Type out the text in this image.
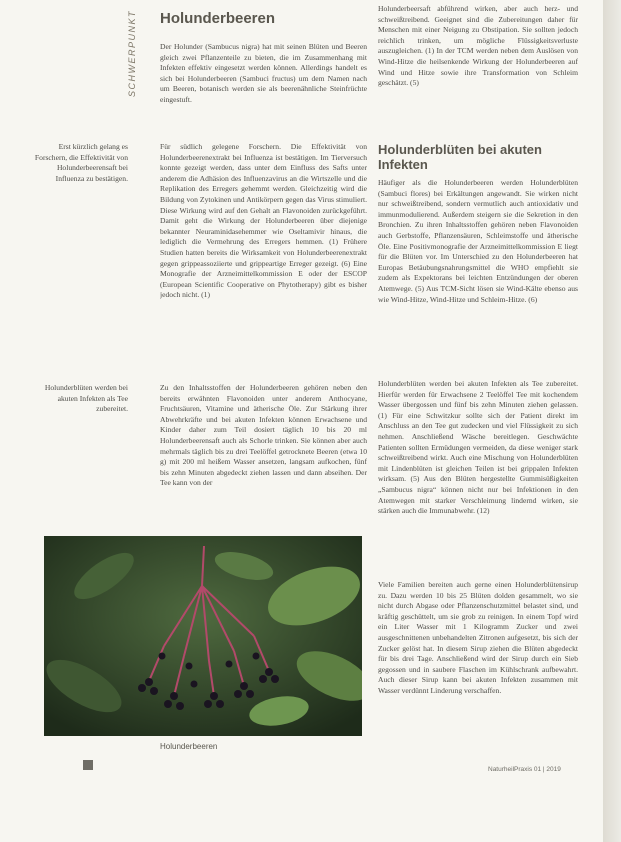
SCHWERPUNKT Holunderbeeren
Der Holunder (Sambucus nigra) hat mit seinen Blüten und Beeren gleich zwei Pflanzenteile zu bieten, die im Zusammenhang mit Infekten effektiv eingesetzt werden können. Allerdings handelt es sich bei Holunderbeeren (Sambuci fructus) um dem Namen nach um Beeren, botanisch werden sie als beerenähnliche Steinfrüchte eingestuft.
Für südlich gelegene Forschern. Die Effektivität von Holunderbeerenextrakt bei Influenza ist bestätigen. Im Tierversuch konnte gezeigt werden, dass unter dem Einfluss des Safts unter anderem die Adhäsion des Influenzavirus an die Wirtszelle und die Replikation des Erregers gehemmt werden. Gleichzeitig wird die Bildung von Zytokinen und Antikörpern gegen das Virus stimuliert. Diese Wirkung wird auf den Gehalt an Flavonoiden zurückgeführt. Damit geht die Wirkung der Holunderbeeren über diejenige bekannter Neuraminidasehemmer wie Oseltamivir hinaus, die lediglich die Vermehrung des Erregers hemmen. (1) Frühere Studien hatten bereits die Wirksamkeit von Holunderbeerenextrakt gegen grippeassoziierte und grippeartige Erreger gezeigt. (6) Eine Monografie der Arzneimittelkommission E oder der ESCOP (European Scientific Cooperative on Phytotherapy) gibt es bisher jedoch nicht. (1)
Zu den Inhaltsstoffen der Holunderbeeren gehören neben den bereits erwähnten Flavonoiden unter anderem Anthocyane, Fruchtsäuren, Vitamine und ätherische Öle. Zur Stärkung ihrer Abwehrkräfte und bei akuten Infekten können Erwachsene und Kinder daher zum Teil dosiert täglich 10 bis 20 ml Holunderbeerensaft auch als Schorle trinken. Sie können aber auch mehrmals täglich bis zu drei Teelöffel getrocknete Beeren (etwa 10 g) mit 200 ml heißem Wasser ansetzen, langsam aufkochen, fünf bis zehn Minuten abgedeckt ziehen lassen und dann abseihen. Der Tee kann von der
Erst kürzlich gelang es Forschern, die Effektivität von Holunderbeerensaft bei Influenza zu bestätigen.
Holunderblüten werden bei akuten Infekten als Tee zubereitet.
Holunderbeersaft abführend wirken, aber auch herz- und schweißtreibend. Geeignet sind die Zubereitungen daher für Menschen mit einer Neigung zu Obstipation. Sie sollten jedoch reichlich trinken, um mögliche Flüssigkeitsverluste auszugleichen. (1) In der TCM werden neben dem Auslösen von Wind-Hitze die heilsenkende Wirkung der Holunderbeeren auf Wind und Hitze sowie ihre Transformation von Schleim geschätzt. (5)
Holunderblüten bei akuten Infekten
Häufiger als die Holunderbeeren werden Holunderblüten (Sambuci flores) bei Erkältungen angewandt. Sie wirken nicht nur schweißtreibend, sondern vermutlich auch antioxidativ und immunmodulierend. Außerdem steigern sie die Sekretion in den Bronchien. Zu ihren Inhaltsstoffen gehören neben Flavonoiden auch Gerbstoffe, Pflanzensäuren, Schleimstoffe und ätherische Öle. Eine Positivmonografie der Arzneimittelkommission E liegt für die Blüten vor. Im Unterschied zu den Holunderbeeren hat Europas Betäubungsnahrungsmittel die WHO empfiehlt sie zudem als Expektorans bei leichten Entzündungen der oberen Atemwege. (5) Aus TCM-Sicht lösen sie Wind-Kälte ebenso aus wie Wind-Hitze, Wind-Hitze und Schleim-Hitze. (6)
Holunderblüten werden bei akuten Infekten als Tee zubereitet. Hierfür werden für Erwachsene 2 Teelöffel Tee mit kochendem Wasser übergossen und fünf bis zehn Minuten ziehen gelassen. (1) Für eine Schwitzkur sollte sich der Patient direkt im Anschluss an den Tee gut zudecken und viel Flüssigkeit zu sich nehmen. Anschließend Wäsche bereitlegen. Geschwächte Patienten sollten Ermüdungen vermeiden, da diese weniger stark schweißtreibend wirkt. Auch eine Mischung von Holunderblüten mit Lindenblüten ist gleichen Teilen ist bei grippalen Infekten wirksam. (5) Aus den Blüten hergestellte Gummisüßigkeiten „Sambucus nigra“ können nicht nur bei Infektionen in den Atemwegen mit starker Verschleimung lindernd wirken, sie stärken auch die Immunabwehr. (12)
Viele Familien bereiten auch gerne einen Holunderblütensirup zu. Dazu werden 10 bis 25 Blüten dolden gesammelt, wo sie nicht durch Abgase oder Pflanzenschutzmittel belastet sind, und kräftig geschüttelt, um sie grob zu reinigen. In einem Topf wird ein Liter Wasser mit 1 Kilogramm Zucker und zwei ausgeschnittenen unbehandelten Zitronen aufgesetzt, bis sich der Zucker gelöst hat. In diesem Sirup ziehen die Blüten abgedeckt für bis drei Tage. Anschließend wird der Sirup durch ein Sieb gegossen und in saubere Flaschen im Kühlschrank aufbewahrt. Auch dieser Sirup kann bei akuten Infekten zusammen mit Wasser verdünnt Linderung verschaffen.
Holunderbeeren
NaturheilPraxis 01 | 2019
